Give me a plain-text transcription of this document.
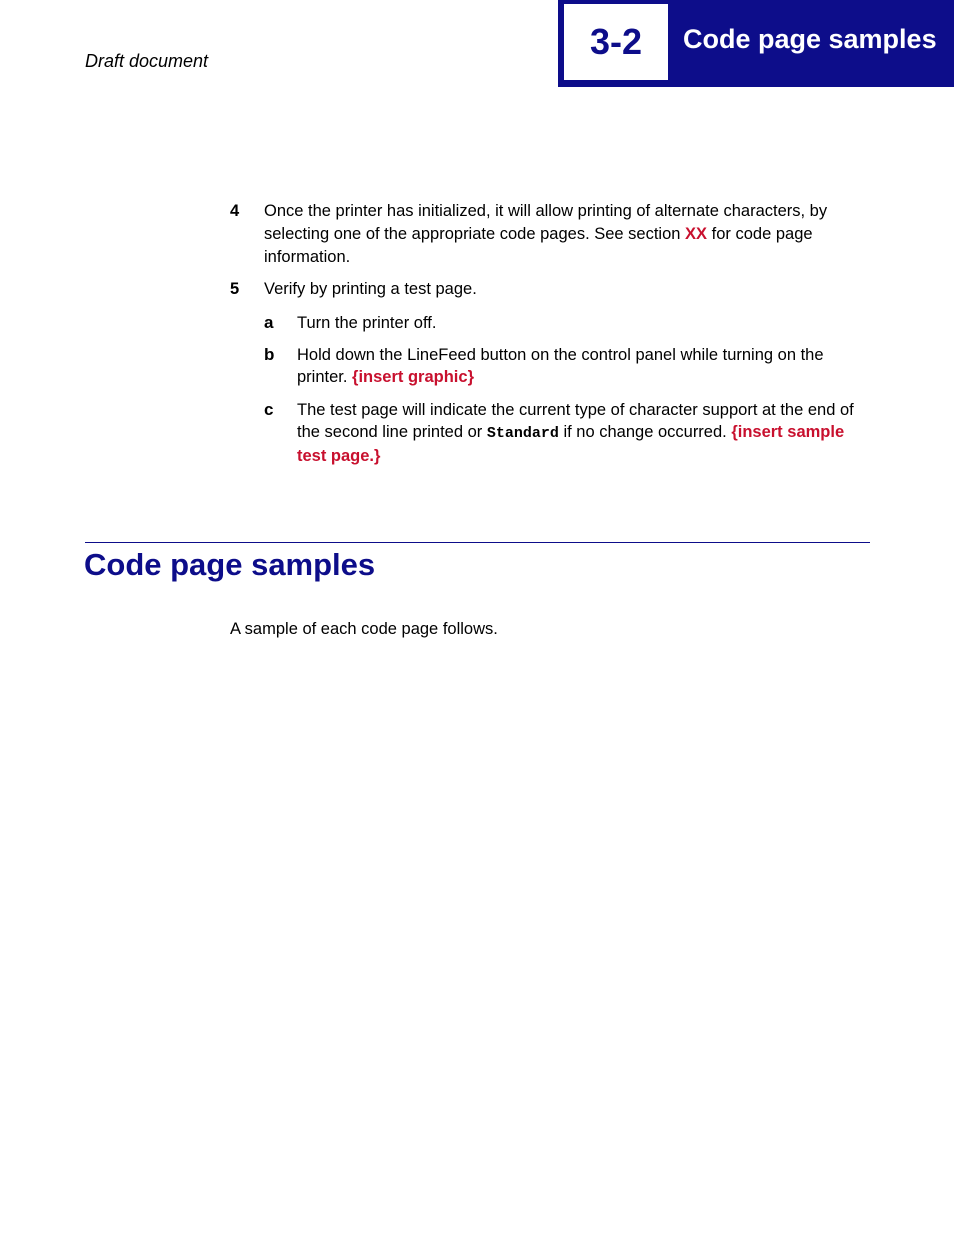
Draft document	3-2	Code page samples
4	Once the printer has initialized, it will allow printing of alternate characters, by selecting one of the appropriate code pages. See section XX for code page information.
5	Verify by printing a test page.
a	Turn the printer off.
b	Hold down the LineFeed button on the control panel while turning on the printer. {insert graphic}
c	The test page will indicate the current type of character support at the end of the second line printed or Standard if no change occurred. {insert sample test page.}
Code page samples
A sample of each code page follows.
